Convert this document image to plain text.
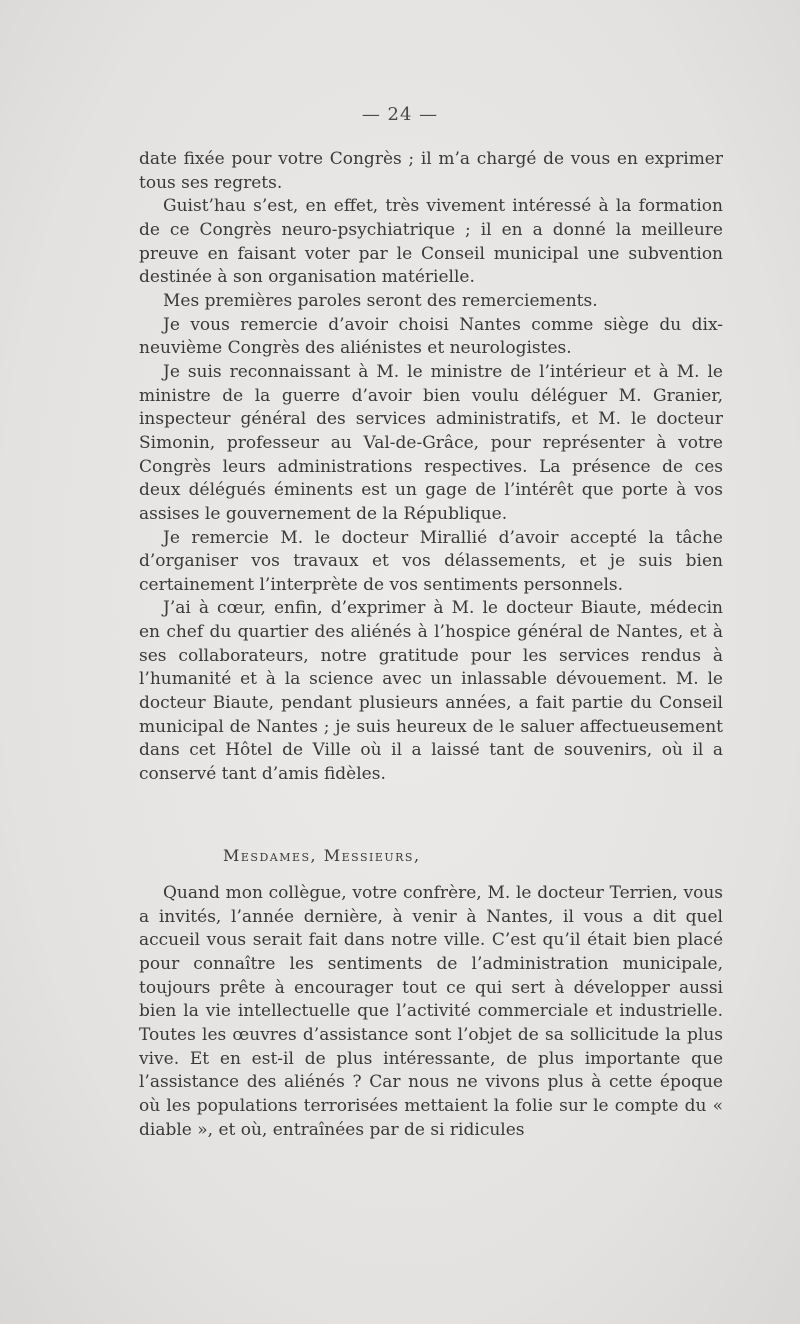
— 24 —

date fixée pour votre Congrès ; il m’a chargé de vous en exprimer tous ses regrets.

Guist’hau s’est, en effet, très vivement intéressé à la formation de ce Congrès neuro-psychiatrique ; il en a donné la meilleure preuve en faisant voter par le Conseil municipal une subvention destinée à son organisation matérielle.

Mes premières paroles seront des remerciements.

Je vous remercie d’avoir choisi Nantes comme siège du dix-neuvième Congrès des aliénistes et neurologistes.

Je suis reconnaissant à M. le ministre de l’intérieur et à M. le ministre de la guerre d’avoir bien voulu déléguer M. Granier, inspecteur général des services administratifs, et M. le docteur Simonin, professeur au Val-de-Grâce, pour représenter à votre Congrès leurs administrations respectives. La présence de ces deux délégués éminents est un gage de l’intérêt que porte à vos assises le gouvernement de la République.

Je remercie M. le docteur Mirallié d’avoir accepté la tâche d’organiser vos travaux et vos délassements, et je suis bien certainement l’interprète de vos sentiments personnels.

J’ai à cœur, enfin, d’exprimer à M. le docteur Biaute, médecin en chef du quartier des aliénés à l’hospice général de Nantes, et à ses collaborateurs, notre gratitude pour les services rendus à l’humanité et à la science avec un inlassable dévouement. M. le docteur Biaute, pendant plusieurs années, a fait partie du Conseil municipal de Nantes ; je suis heureux de le saluer affectueusement dans cet Hôtel de Ville où il a laissé tant de souvenirs, où il a conservé tant d’amis fidèles.

Mesdames, Messieurs,

Quand mon collègue, votre confrère, M. le docteur Terrien, vous a invités, l’année dernière, à venir à Nantes, il vous a dit quel accueil vous serait fait dans notre ville. C’est qu’il était bien placé pour connaître les sentiments de l’administration municipale, toujours prête à encourager tout ce qui sert à développer aussi bien la vie intellectuelle que l’activité commerciale et industrielle. Toutes les œuvres d’assistance sont l’objet de sa sollicitude la plus vive. Et en est-il de plus intéressante, de plus importante que l’assistance des aliénés ? Car nous ne vivons plus à cette époque où les populations terrorisées mettaient la folie sur le compte du « diable », et où, entraînées par de si ridicules
